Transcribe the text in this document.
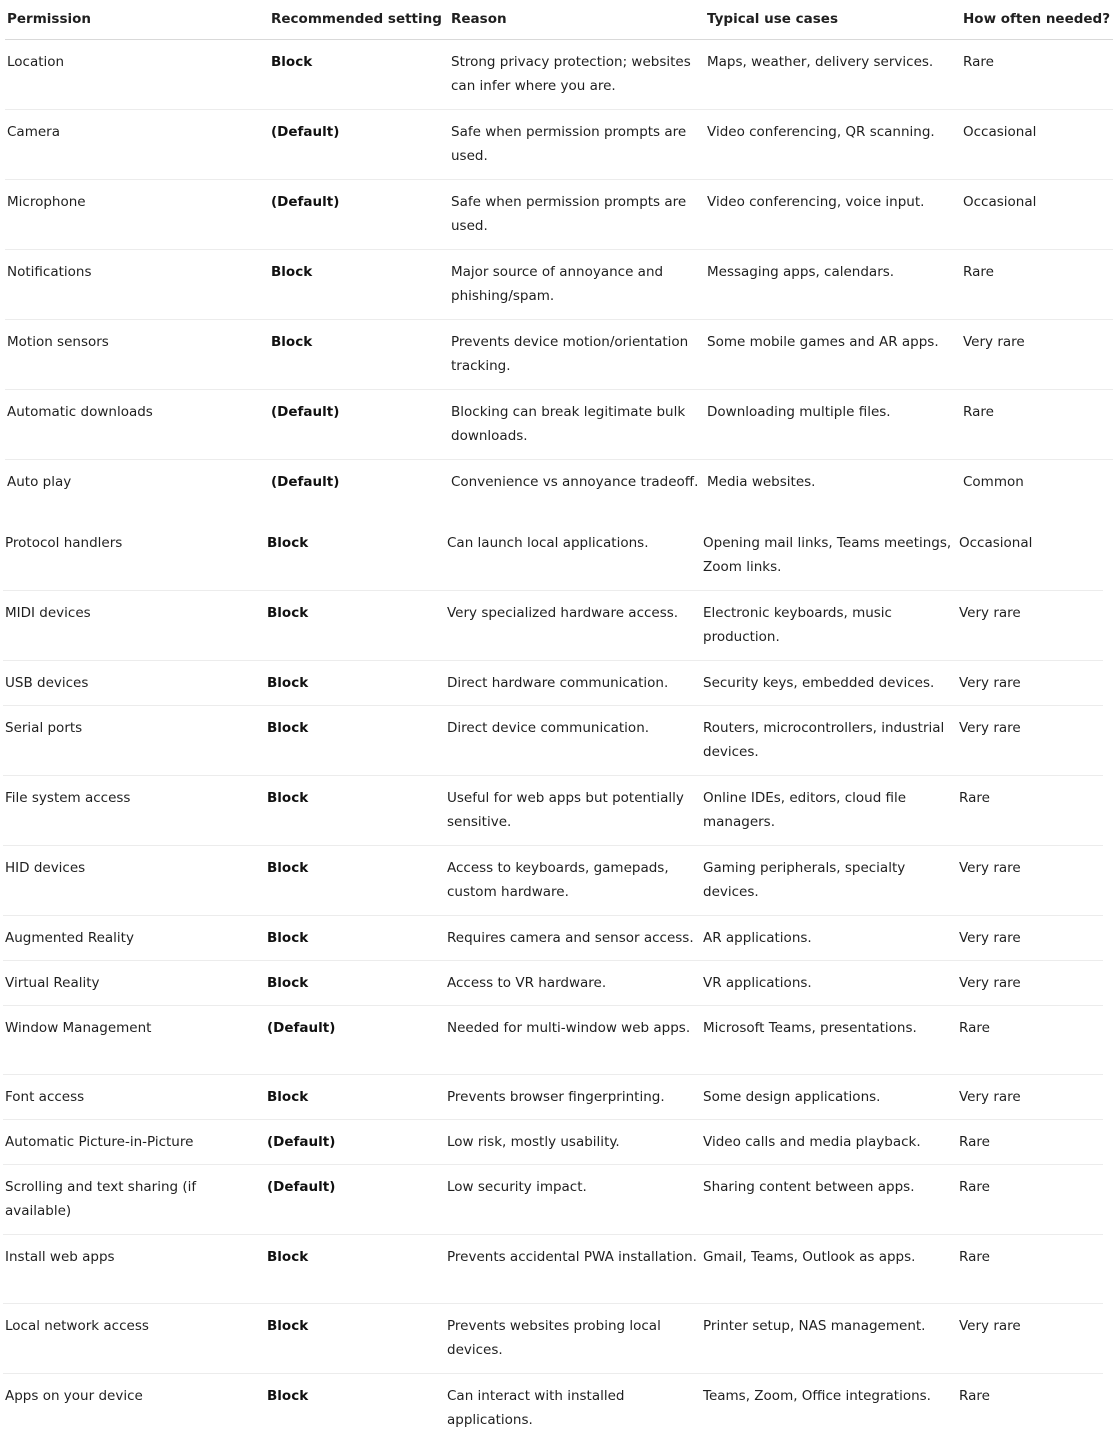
Permission	Recommended setting	Reason	Typical use cases	How often needed?
Location	Block	Strong privacy protection; websites can infer where you are.	Maps, weather, delivery services.	Rare
Camera	(Default)	Safe when permission prompts are used.	Video conferencing, QR scanning.	Occasional
Microphone	(Default)	Safe when permission prompts are used.	Video conferencing, voice input.	Occasional
Notifications	Block	Major source of annoyance and phishing/spam.	Messaging apps, calendars.	Rare
Motion sensors	Block	Prevents device motion/orientation tracking.	Some mobile games and AR apps.	Very rare
Automatic downloads	(Default)	Blocking can break legitimate bulk downloads.	Downloading multiple files.	Rare
Auto play	(Default)	Convenience vs annoyance tradeoff.	Media websites.	Common
Protocol handlers	Block	Can launch local applications.	Opening mail links, Teams meetings, Zoom links.	Occasional
MIDI devices	Block	Very specialized hardware access.	Electronic keyboards, music production.	Very rare
USB devices	Block	Direct hardware communication.	Security keys, embedded devices.	Very rare
Serial ports	Block	Direct device communication.	Routers, microcontrollers, industrial devices.	Very rare
File system access	Block	Useful for web apps but potentially sensitive.	Online IDEs, editors, cloud file managers.	Rare
HID devices	Block	Access to keyboards, gamepads, custom hardware.	Gaming peripherals, specialty devices.	Very rare
Augmented Reality	Block	Requires camera and sensor access.	AR applications.	Very rare
Virtual Reality	Block	Access to VR hardware.	VR applications.	Very rare
Window Management	(Default)	Needed for multi-window web apps.	Microsoft Teams, presentations.	Rare
Font access	Block	Prevents browser fingerprinting.	Some design applications.	Very rare
Automatic Picture-in-Picture	(Default)	Low risk, mostly usability.	Video calls and media playback.	Rare
Scrolling and text sharing (if available)	(Default)	Low security impact.	Sharing content between apps.	Rare
Install web apps	Block	Prevents accidental PWA installation.	Gmail, Teams, Outlook as apps.	Rare
Local network access	Block	Prevents websites probing local devices.	Printer setup, NAS management.	Very rare
Apps on your device	Block	Can interact with installed applications.	Teams, Zoom, Office integrations.	Rare
